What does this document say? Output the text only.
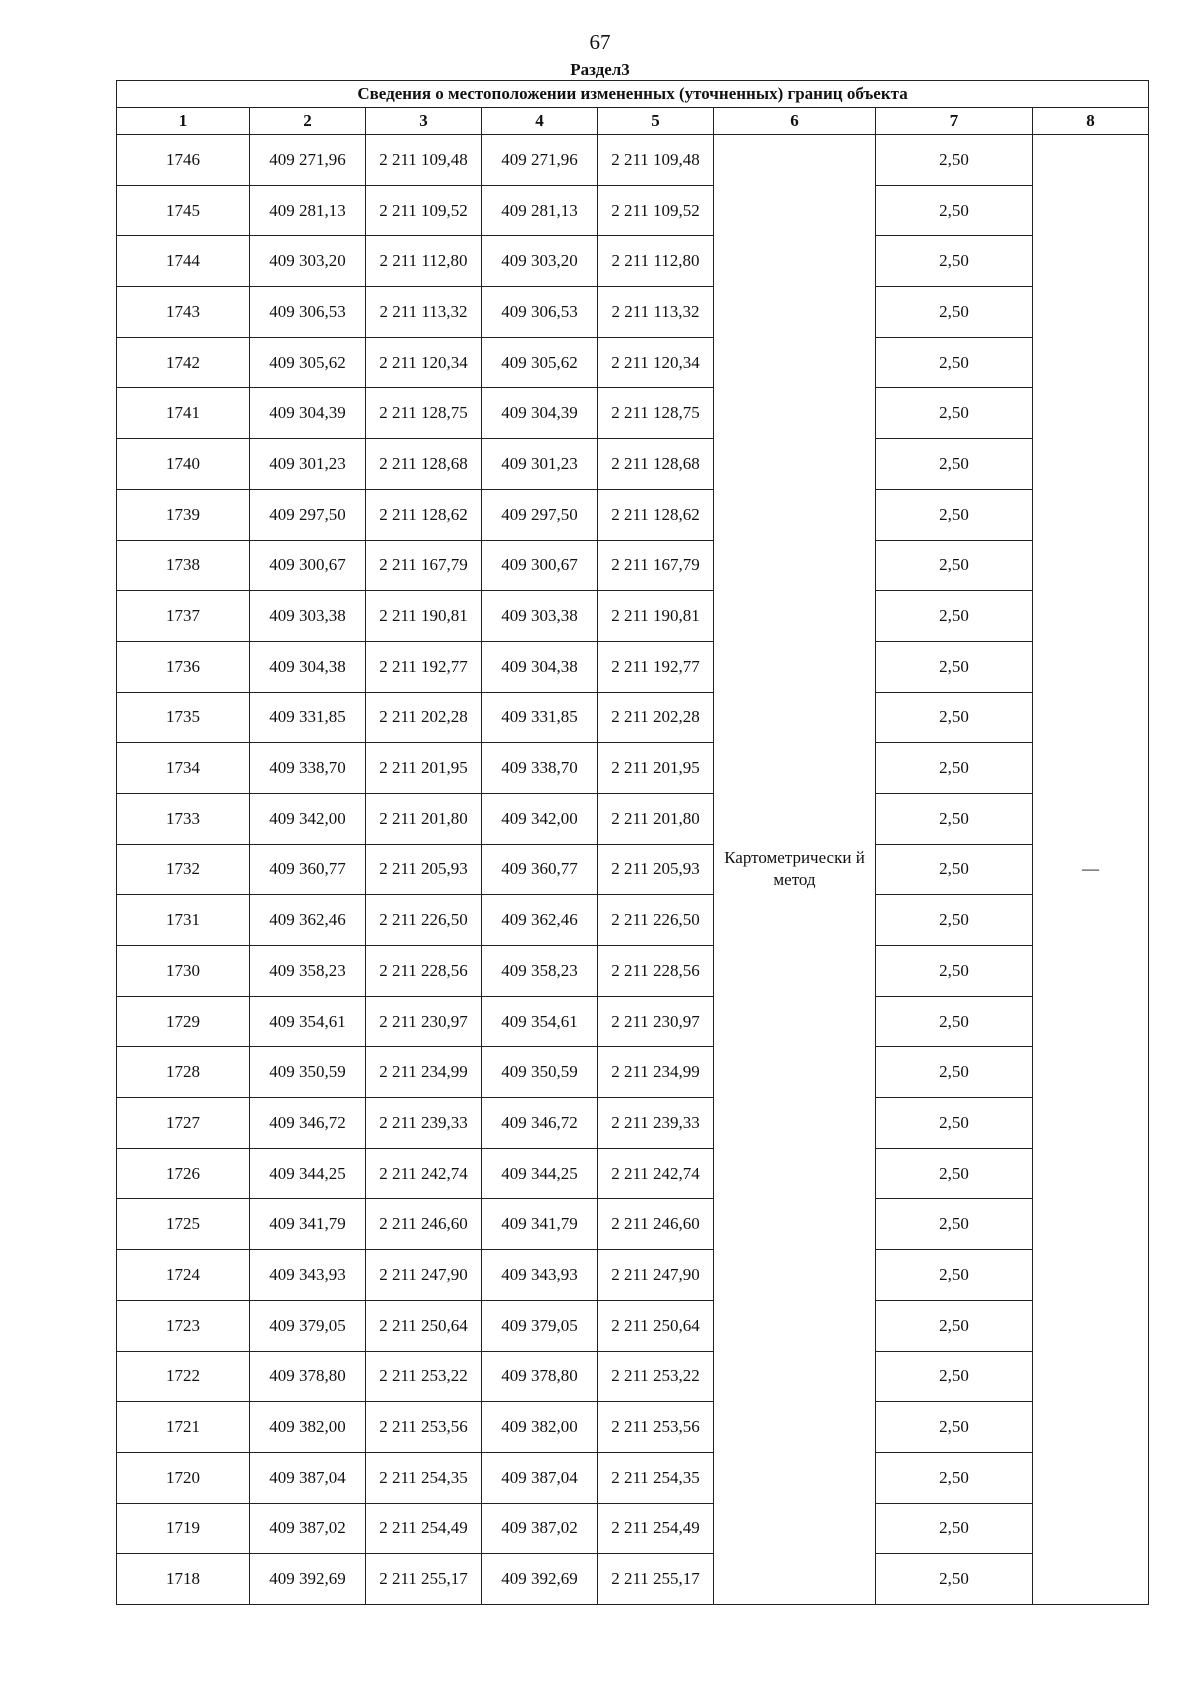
67
Раздел3
Сведения о местоположении измененных (уточненных) границ объекта							
1	2	3	4	5	6	7	8
1746	409 271,96	2 211 109,48	409 271,96	2 211 109,48	Картометрически й метод	2,50	—
1745	409 281,13	2 211 109,52	409 281,13	2 211 109,52		2,50	
1744	409 303,20	2 211 112,80	409 303,20	2 211 112,80		2,50	
1743	409 306,53	2 211 113,32	409 306,53	2 211 113,32		2,50	
1742	409 305,62	2 211 120,34	409 305,62	2 211 120,34		2,50	
1741	409 304,39	2 211 128,75	409 304,39	2 211 128,75		2,50	
1740	409 301,23	2 211 128,68	409 301,23	2 211 128,68		2,50	
1739	409 297,50	2 211 128,62	409 297,50	2 211 128,62		2,50	
1738	409 300,67	2 211 167,79	409 300,67	2 211 167,79		2,50	
1737	409 303,38	2 211 190,81	409 303,38	2 211 190,81		2,50	
1736	409 304,38	2 211 192,77	409 304,38	2 211 192,77		2,50	
1735	409 331,85	2 211 202,28	409 331,85	2 211 202,28		2,50	
1734	409 338,70	2 211 201,95	409 338,70	2 211 201,95		2,50	
1733	409 342,00	2 211 201,80	409 342,00	2 211 201,80		2,50	
1732	409 360,77	2 211 205,93	409 360,77	2 211 205,93		2,50	
1731	409 362,46	2 211 226,50	409 362,46	2 211 226,50		2,50	
1730	409 358,23	2 211 228,56	409 358,23	2 211 228,56		2,50	
1729	409 354,61	2 211 230,97	409 354,61	2 211 230,97		2,50	
1728	409 350,59	2 211 234,99	409 350,59	2 211 234,99		2,50	
1727	409 346,72	2 211 239,33	409 346,72	2 211 239,33		2,50	
1726	409 344,25	2 211 242,74	409 344,25	2 211 242,74		2,50	
1725	409 341,79	2 211 246,60	409 341,79	2 211 246,60		2,50	
1724	409 343,93	2 211 247,90	409 343,93	2 211 247,90		2,50	
1723	409 379,05	2 211 250,64	409 379,05	2 211 250,64		2,50	
1722	409 378,80	2 211 253,22	409 378,80	2 211 253,22		2,50	
1721	409 382,00	2 211 253,56	409 382,00	2 211 253,56		2,50	
1720	409 387,04	2 211 254,35	409 387,04	2 211 254,35		2,50	
1719	409 387,02	2 211 254,49	409 387,02	2 211 254,49		2,50	
1718	409 392,69	2 211 255,17	409 392,69	2 211 255,17		2,50	
